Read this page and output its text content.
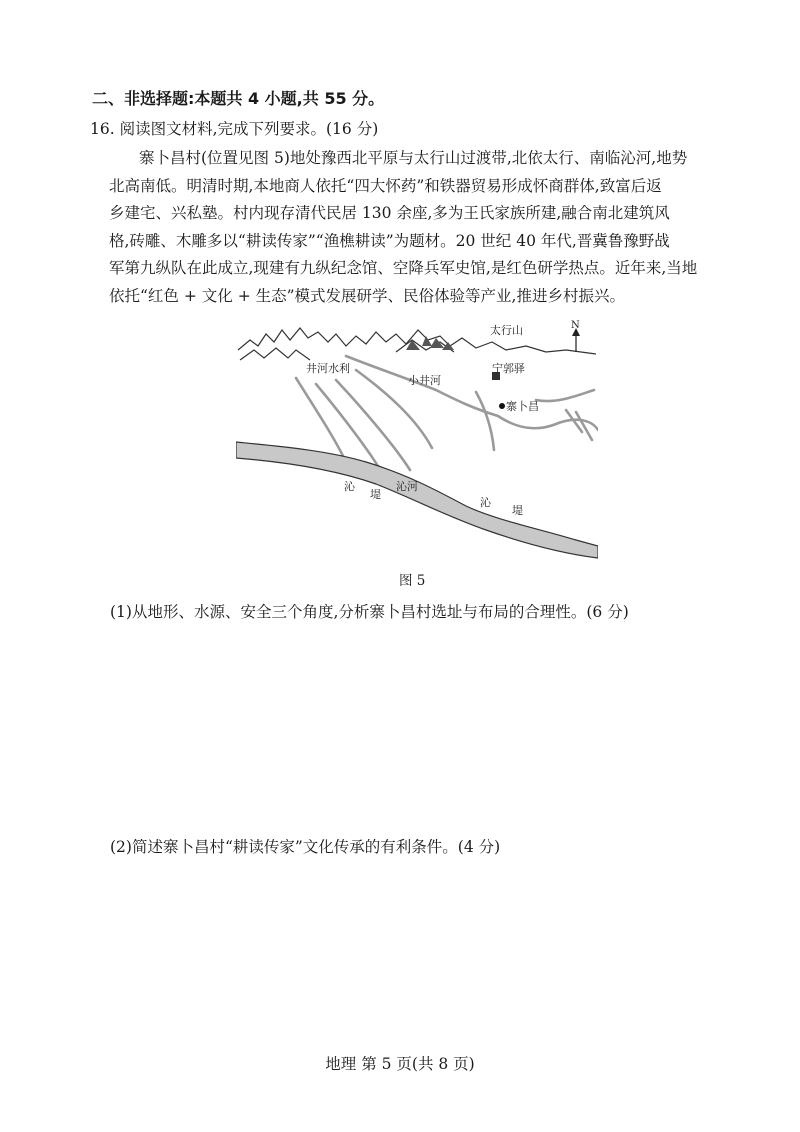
二、非选择题:本题共 4 小题,共 55 分。
16. 阅读图文材料,完成下列要求。(16 分)
寨卜昌村(位置见图 5)地处豫西北平原与太行山过渡带,北依太行、南临沁河,地势
北高南低。明清时期,本地商人依托“四大怀药”和铁器贸易形成怀商群体,致富后返
乡建宅、兴私塾。村内现存清代民居 130 余座,多为王氏家族所建,融合南北建筑风
格,砖雕、木雕多以“耕读传家”“渔樵耕读”为题材。20 世纪 40 年代,晋冀鲁豫野战
军第九纵队在此成立,现建有九纵纪念馆、空降兵军史馆,是红色研学热点。近年来,当地
依托“红色 + 文化 + 生态”模式发展研学、民俗体验等产业,推进乡村振兴。
太行山	N
井河水利
小井河
宁郭驿
寨卜昌
沁河
沁
堤
沁
堤
图 5
(1)从地形、水源、安全三个角度,分析寨卜昌村选址与布局的合理性。(6 分)
(2)简述寨卜昌村“耕读传家”文化传承的有利条件。(4 分)
地理 第 5 页(共 8 页)
